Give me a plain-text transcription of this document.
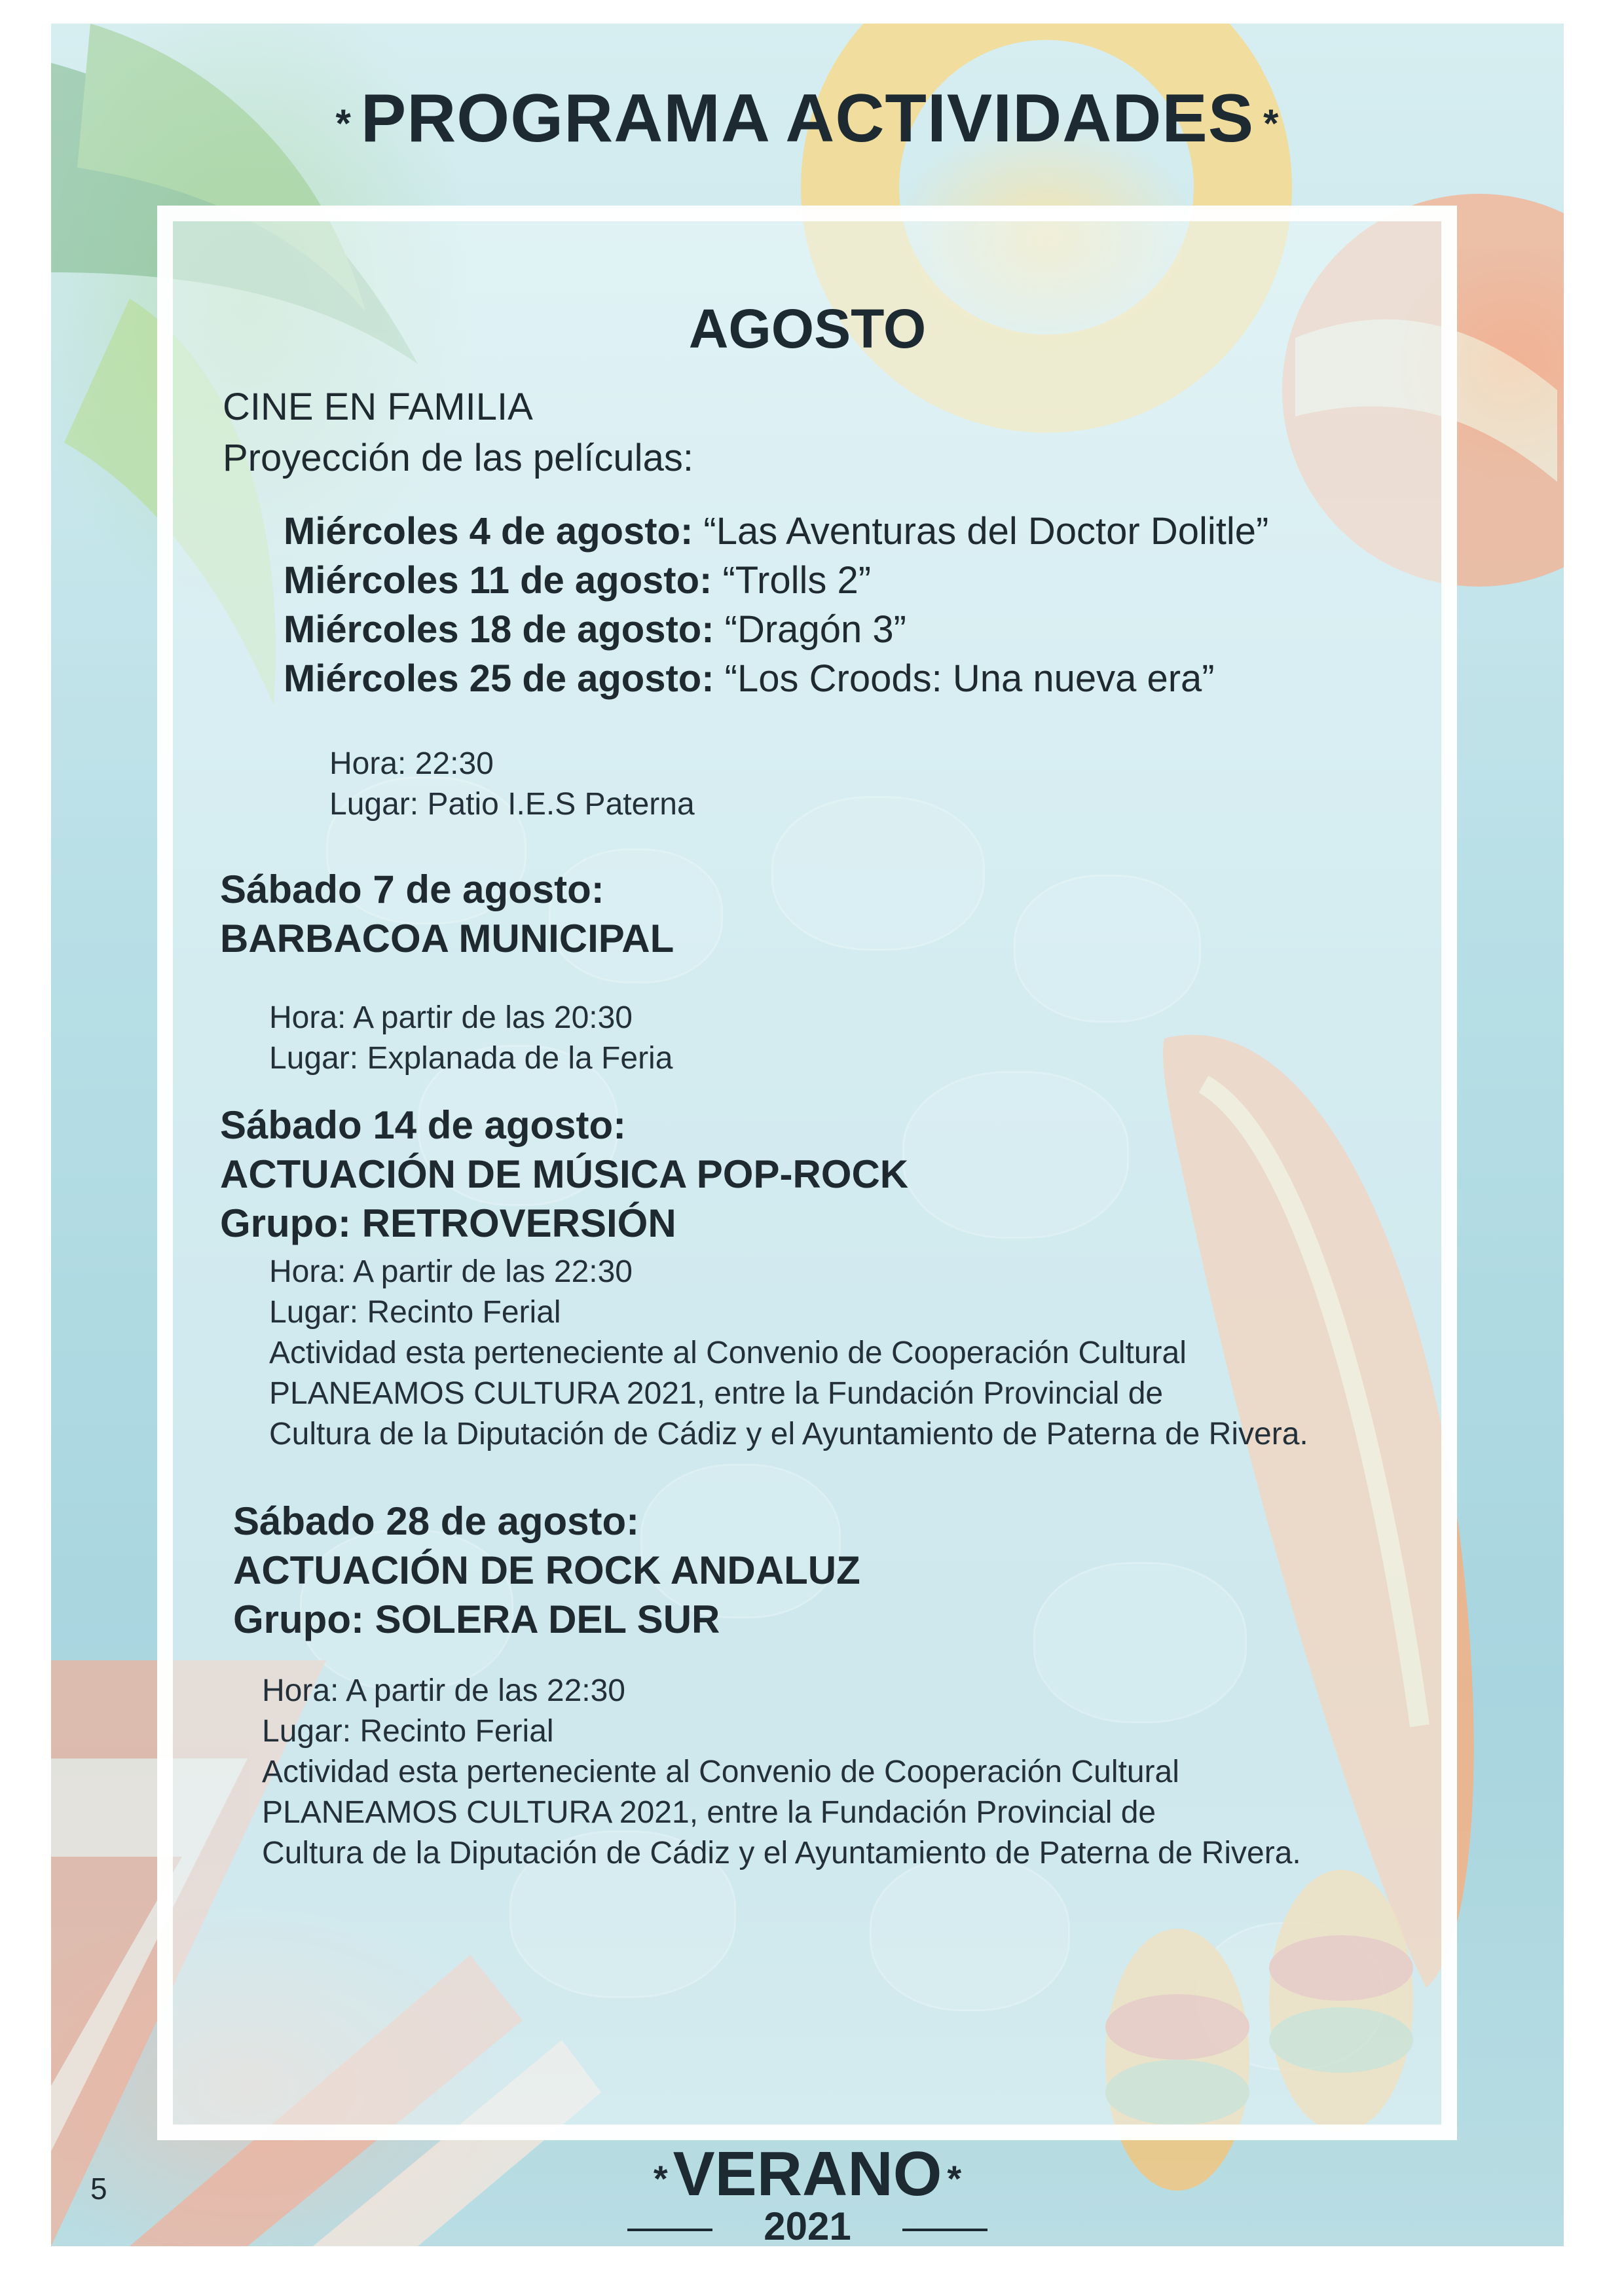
* PROGRAMA ACTIVIDADES *
AGOSTO
CINE EN FAMILIA
Proyección de las películas:
Miércoles 4 de agosto: “Las Aventuras del Doctor Dolitle”
Miércoles 11 de agosto: “Trolls 2”
Miércoles 18 de agosto: “Dragón 3”
Miércoles 25 de agosto: “Los Croods: Una nueva era”
Hora: 22:30
Lugar: Patio I.E.S Paterna
Sábado 7 de agosto:
BARBACOA MUNICIPAL
Hora: A partir de las 20:30
Lugar: Explanada de la Feria
Sábado 14 de agosto:
ACTUACIÓN DE MÚSICA POP-ROCK
Grupo: RETROVERSIÓN
Hora: A partir de las 22:30
Lugar: Recinto Ferial
Actividad esta perteneciente al Convenio de Cooperación Cultural
PLANEAMOS CULTURA 2021, entre la Fundación Provincial de
Cultura de la Diputación de Cádiz y el Ayuntamiento de Paterna de Rivera.
Sábado 28 de agosto:
ACTUACIÓN DE ROCK ANDALUZ
Grupo: SOLERA DEL SUR
Hora: A partir de las 22:30
Lugar: Recinto Ferial
Actividad esta perteneciente al Convenio de Cooperación Cultural
PLANEAMOS CULTURA 2021, entre la Fundación Provincial de
Cultura de la Diputación de Cádiz y el Ayuntamiento de Paterna de Rivera.
*VERANO *
2021
5
